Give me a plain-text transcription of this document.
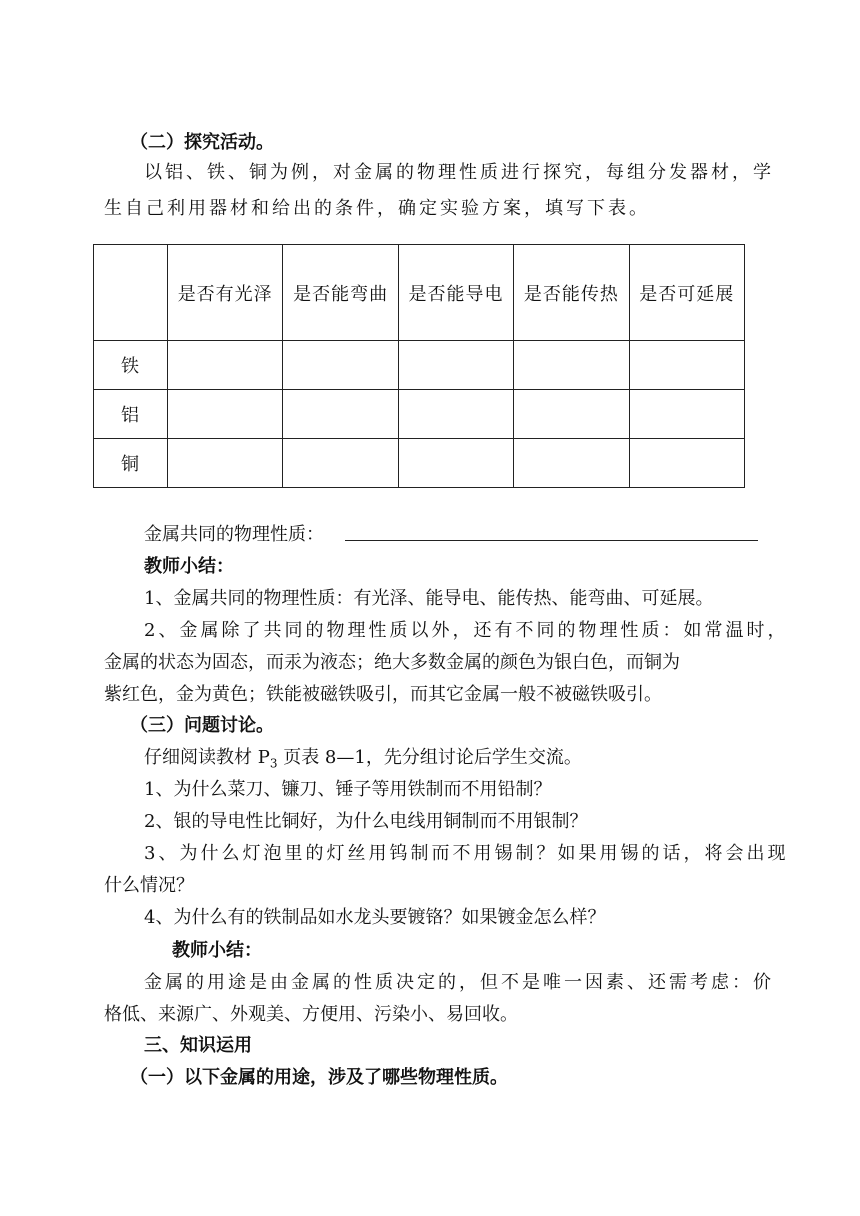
（二）探究活动。
以铝、铁、铜为例，对金属的物理性质进行探究，每组分发器材，学
生自己利用器材和给出的条件，确定实验方案，填写下表。
	是否有光泽	是否能弯曲	是否能导电	是否能传热	是否可延展
铁					
铝					
铜					
金属共同的物理性质：
教师小结：
1、金属共同的物理性质：有光泽、能导电、能传热、能弯曲、可延展。
2、金属除了共同的物理性质以外，还有不同的物理性质：如常温时，
金属的状态为固态，而汞为液态；绝大多数金属的颜色为银白色，而铜为
紫红色，金为黄色；铁能被磁铁吸引，而其它金属一般不被磁铁吸引。
（三）问题讨论。
仔细阅读教材 $P_3$ 页表 8—1，先分组讨论后学生交流。
1、为什么菜刀、镰刀、锤子等用铁制而不用铅制？
2、银的导电性比铜好，为什么电线用铜制而不用银制？
3、为什么灯泡里的灯丝用钨制而不用锡制？如果用锡的话，将会出现
什么情况？
4、为什么有的铁制品如水龙头要镀铬？如果镀金怎么样？
教师小结：
金属的用途是由金属的性质决定的，但不是唯一因素、还需考虑：价
格低、来源广、外观美、方便用、污染小、易回收。
三、知识运用
（一）以下金属的用途，涉及了哪些物理性质。
